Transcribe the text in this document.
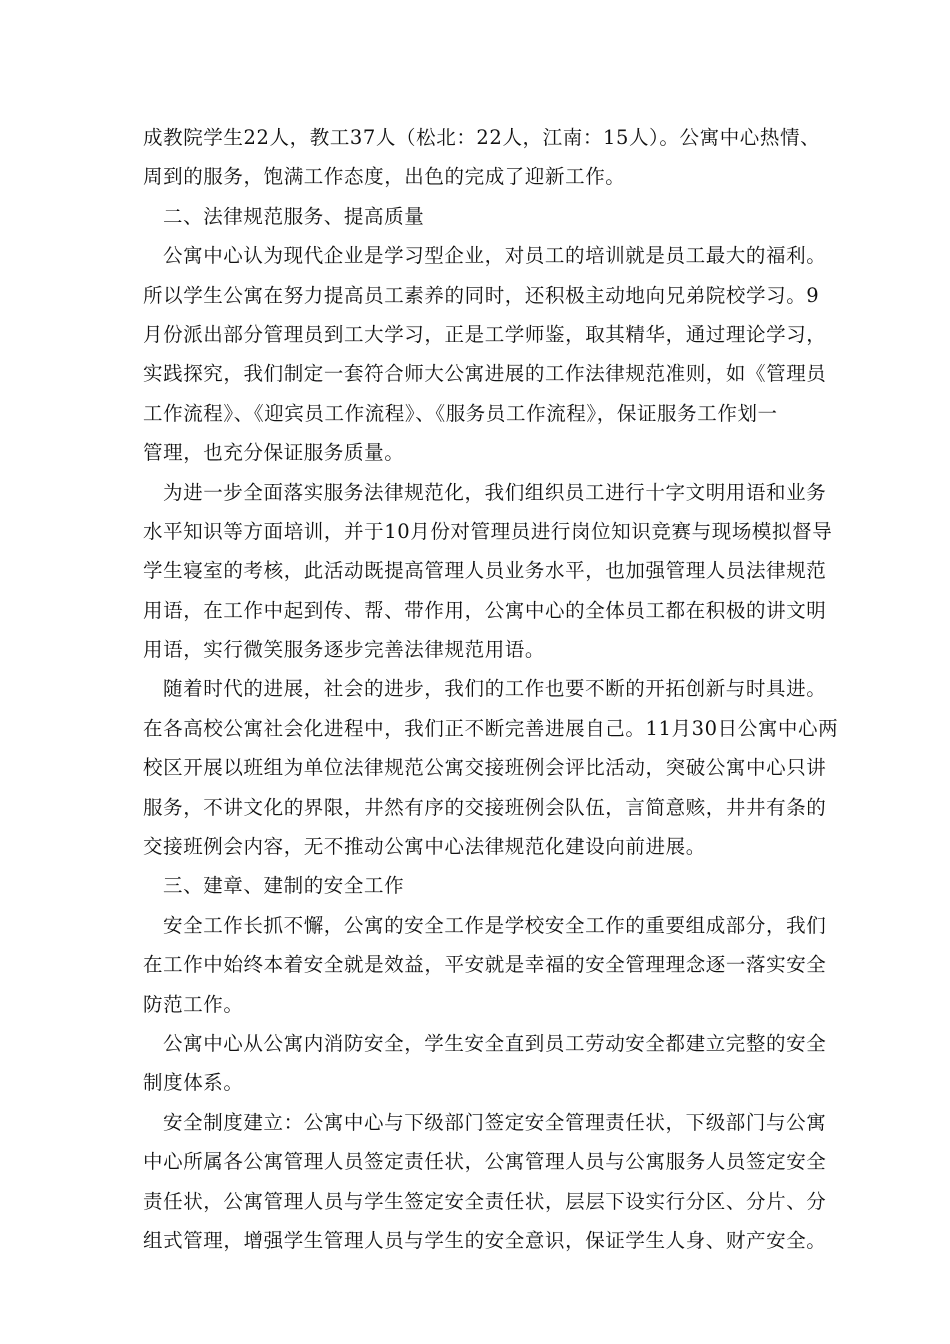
成教院学生22人，教工37人（松北：22人，江南：15人）。公寓中心热情、
周到的服务，饱满工作态度，出色的完成了迎新工作。
二、法律规范服务、提高质量
公寓中心认为现代企业是学习型企业，对员工的培训就是员工最大的福利。
所以学生公寓在努力提高员工素养的同时，还积极主动地向兄弟院校学习。9
月份派出部分管理员到工大学习，正是工学师鉴，取其精华，通过理论学习，
实践探究，我们制定一套符合师大公寓进展的工作法律规范准则，如《管理员
工作流程》、《迎宾员工作流程》、《服务员工作流程》，保证服务工作划一
管理，也充分保证服务质量。
为进一步全面落实服务法律规范化，我们组织员工进行十字文明用语和业务
水平知识等方面培训，并于10月份对管理员进行岗位知识竞赛与现场模拟督导
学生寝室的考核，此活动既提高管理人员业务水平，也加强管理人员法律规范
用语，在工作中起到传、帮、带作用，公寓中心的全体员工都在积极的讲文明
用语，实行微笑服务逐步完善法律规范用语。
随着时代的进展，社会的进步，我们的工作也要不断的开拓创新与时具进。
在各高校公寓社会化进程中，我们正不断完善进展自己。11月30日公寓中心两
校区开展以班组为单位法律规范公寓交接班例会评比活动，突破公寓中心只讲
服务，不讲文化的界限，井然有序的交接班例会队伍，言简意赅，井井有条的
交接班例会内容，无不推动公寓中心法律规范化建设向前进展。
三、建章、建制的安全工作
安全工作长抓不懈，公寓的安全工作是学校安全工作的重要组成部分，我们
在工作中始终本着安全就是效益，平安就是幸福的安全管理理念逐一落实安全
防范工作。
公寓中心从公寓内消防安全，学生安全直到员工劳动安全都建立完整的安全
制度体系。
安全制度建立：公寓中心与下级部门签定安全管理责任状，下级部门与公寓
中心所属各公寓管理人员签定责任状，公寓管理人员与公寓服务人员签定安全
责任状，公寓管理人员与学生签定安全责任状，层层下设实行分区、分片、分
组式管理，增强学生管理人员与学生的安全意识，保证学生人身、财产安全。
